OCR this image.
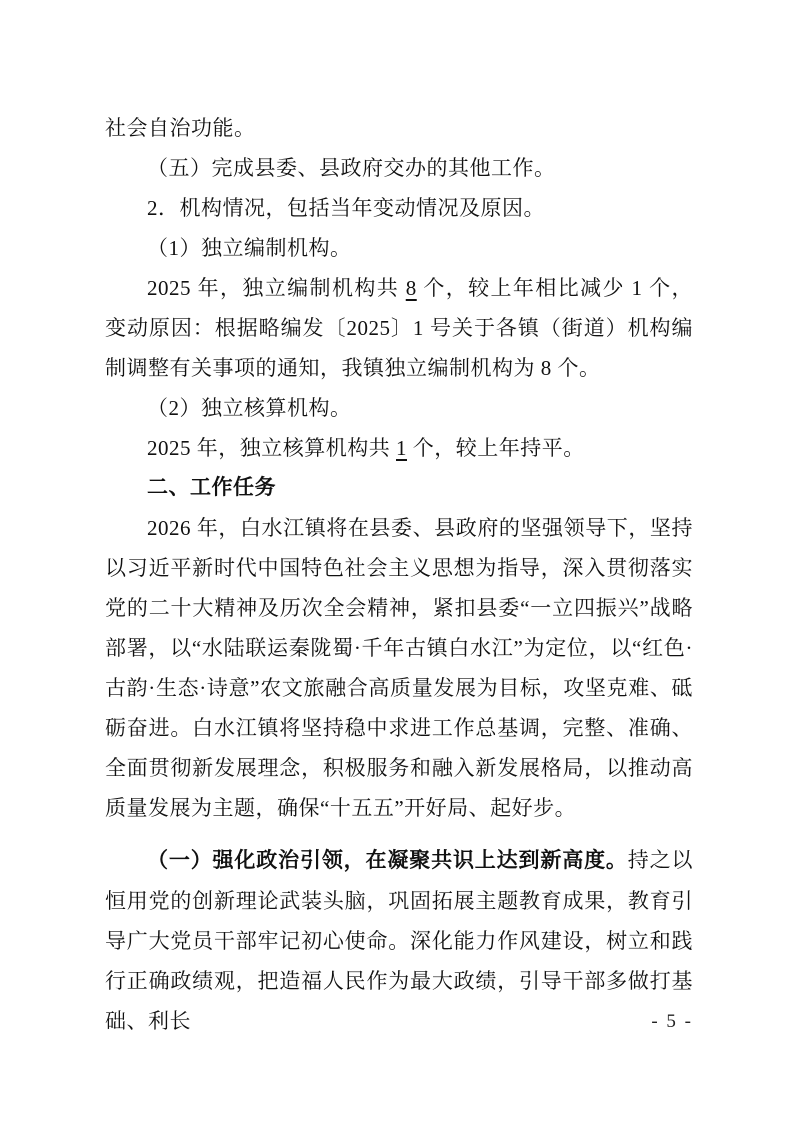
社会自治功能。

（五）完成县委、县政府交办的其他工作。

2．机构情况，包括当年变动情况及原因。

（1）独立编制机构。

2025 年，独立编制机构共 8 个，较上年相比减少 1 个，变动原因：根据略编发〔2025〕1 号关于各镇（街道）机构编制调整有关事项的通知，我镇独立编制机构为 8 个。

（2）独立核算机构。

2025 年，独立核算机构共 1 个，较上年持平。

二、工作任务

2026 年，白水江镇将在县委、县政府的坚强领导下，坚持以习近平新时代中国特色社会主义思想为指导，深入贯彻落实党的二十大精神及历次全会精神，紧扣县委“一立四振兴”战略部署，以“水陆联运秦陇蜀·千年古镇白水江”为定位，以“红色·古韵·生态·诗意”农文旅融合高质量发展为目标，攻坚克难、砥砺奋进。白水江镇将坚持稳中求进工作总基调，完整、准确、全面贯彻新发展理念，积极服务和融入新发展格局，以推动高质量发展为主题，确保“十五五”开好局、起好步。

（一）强化政治引领，在凝聚共识上达到新高度。持之以恒用党的创新理论武装头脑，巩固拓展主题教育成果，教育引导广大党员干部牢记初心使命。深化能力作风建设，树立和践行正确政绩观，把造福人民作为最大政绩，引导干部多做打基础、利长	- 5 -
